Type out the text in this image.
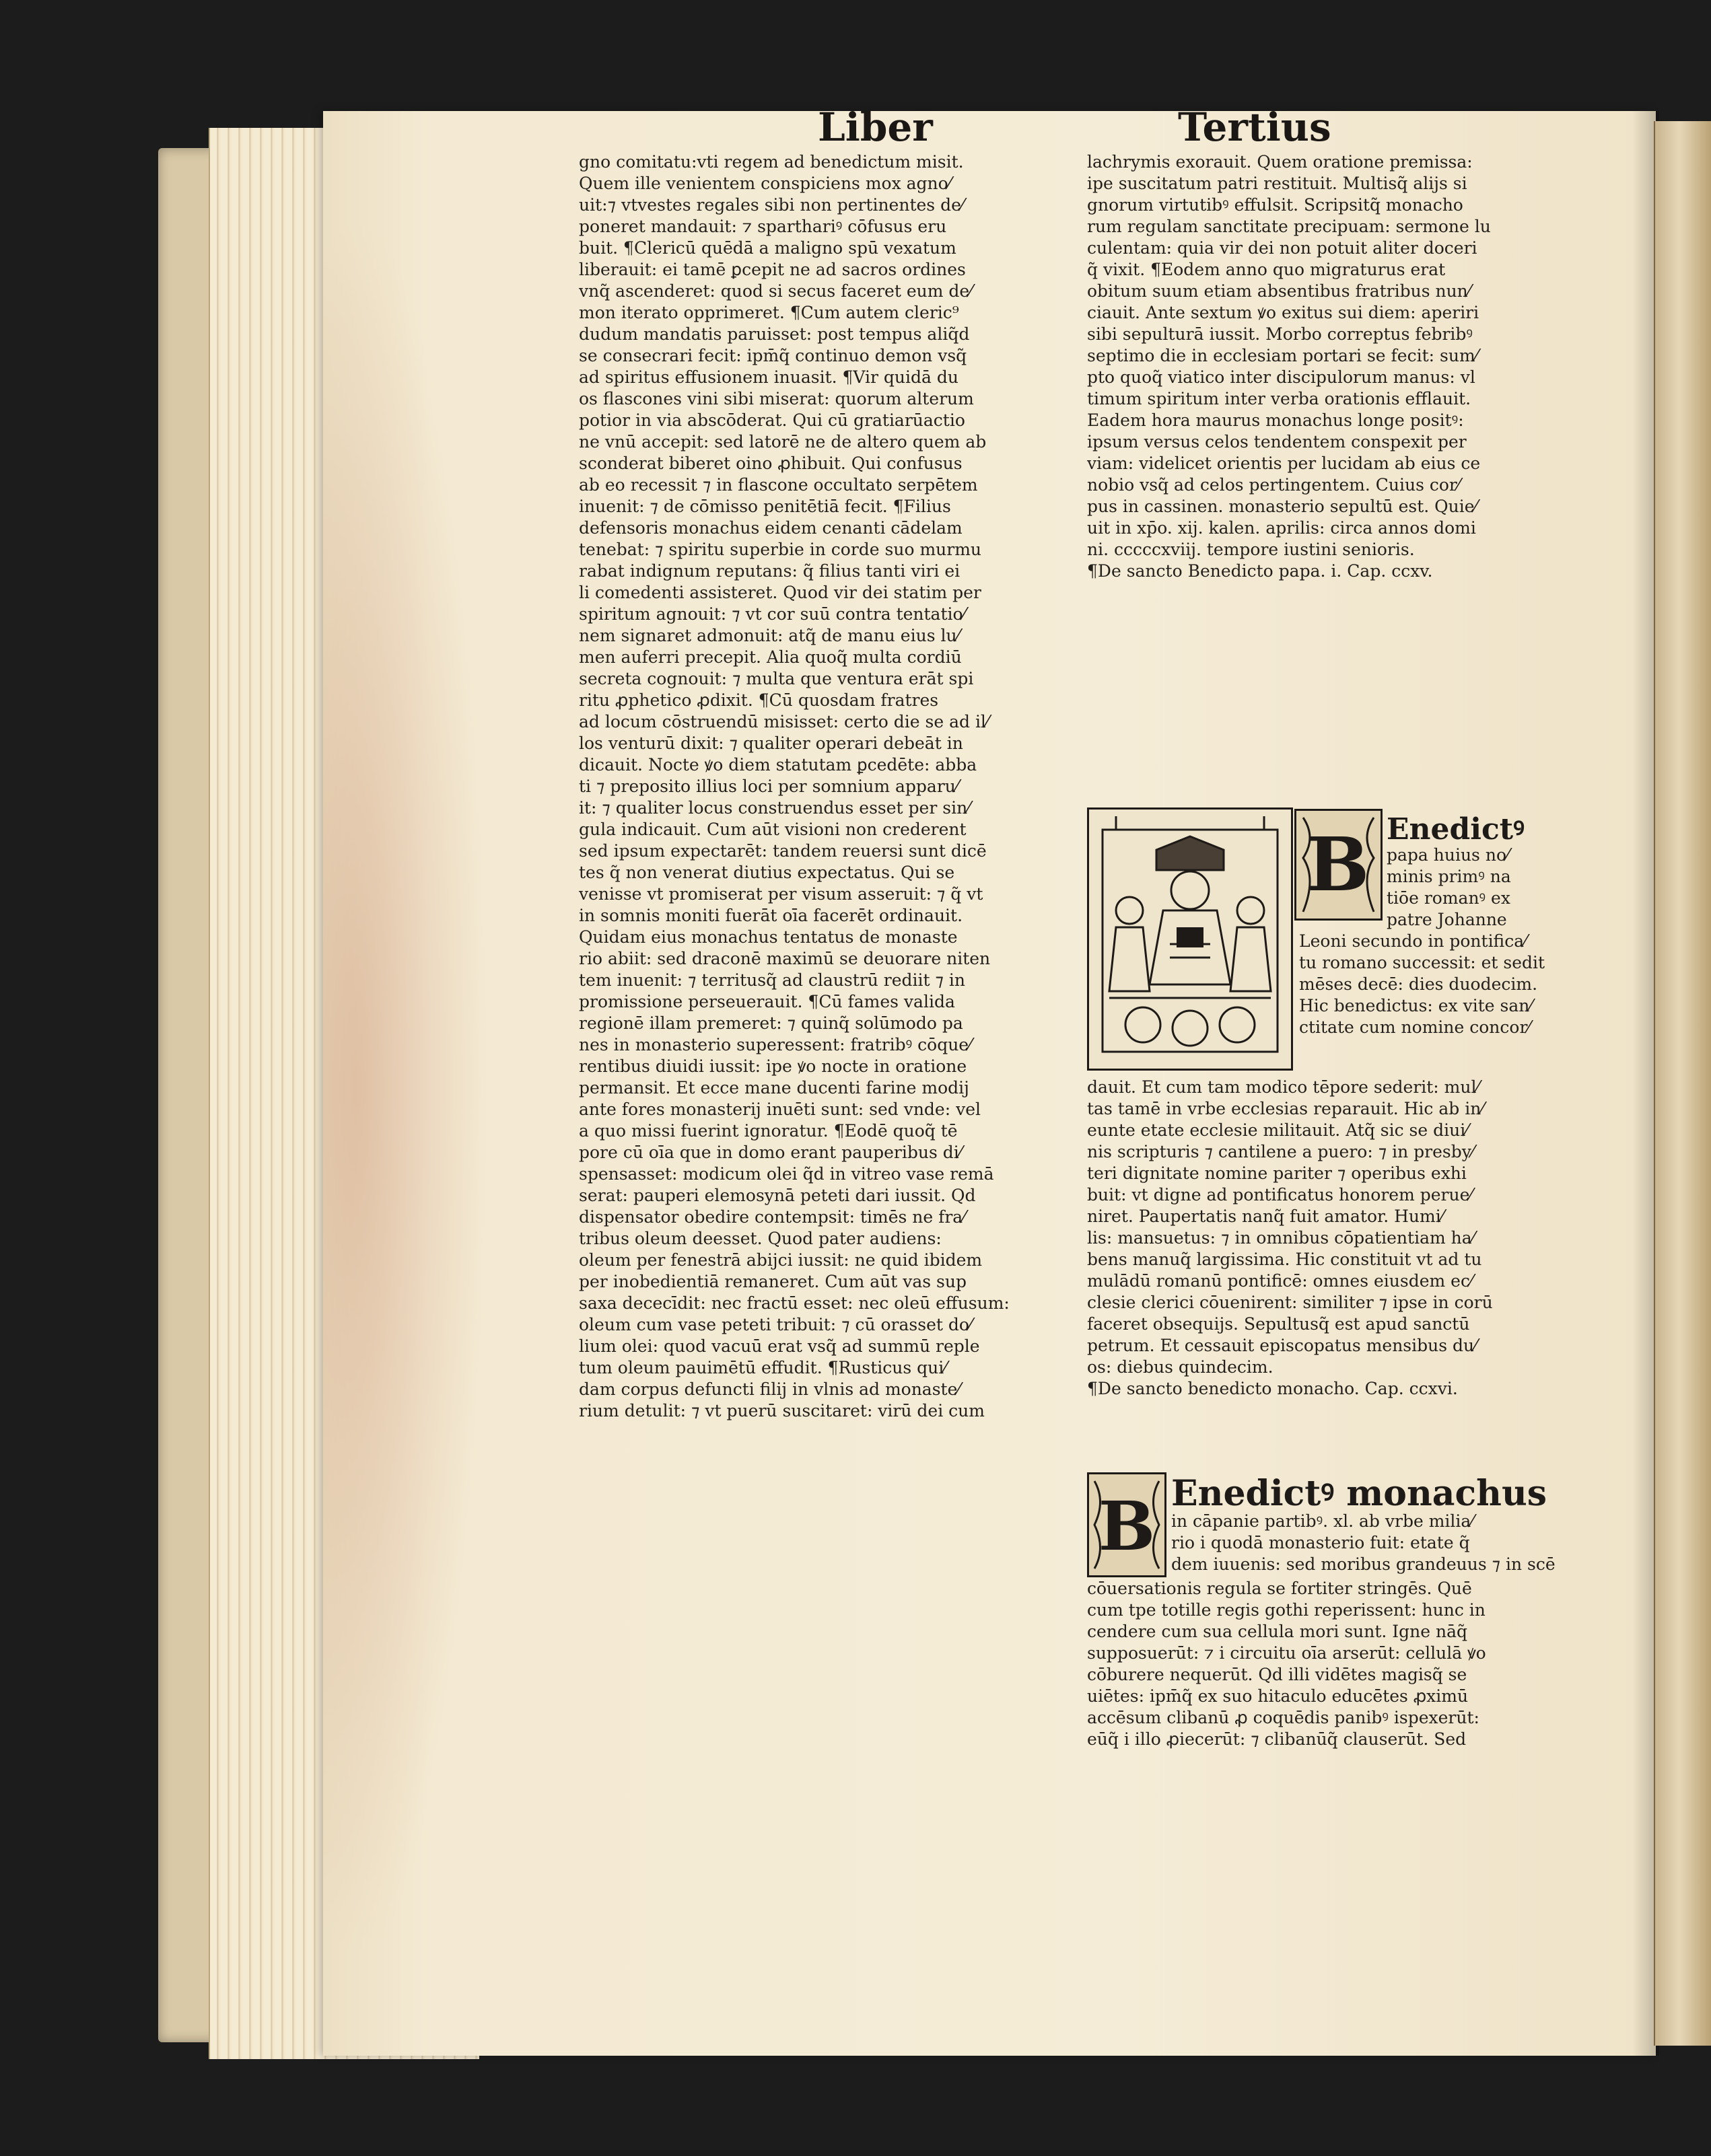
Liber	Tertius
gno comitatu:vti regem ad benedictum misit.
Quem ille venientem conspiciens mox agno⁄
uit:⁊ vtvestes regales sibi non pertinentes de⁄
poneret mandauit: ⁊ sparthariꝰ cōfusus eru
buit. ¶Clericū quēdā a maligno spū vexatum
liberauit: ei tamē ꝑcepit ne ad sacros ordines
vnq̃ ascenderet: quod si secus faceret eum de⁄
mon iterato opprimeret. ¶Cum autem cleric⁹
dudum mandatis paruisset: post tempus aliq̃d
se consecrari fecit: ipm̄q̃ continuo demon vsq̃
ad spiritus effusionem inuasit. ¶Vir quidā du
os flascones vini sibi miserat: quorum alterum
potior in via abscōderat. Qui cū gratiarūactio
ne vnū accepit: sed latorē ne de altero quem ab
sconderat biberet oino ꝓhibuit. Qui confusus
ab eo recessit ⁊ in flascone occultato serpētem
inuenit: ⁊ de cōmisso penitētiā fecit. ¶Filius
defensoris monachus eidem cenanti cādelam
tenebat: ⁊ spiritu superbie in corde suo murmu
rabat indignum reputans: q̃ filius tanti viri ei
li comedenti assisteret. Quod vir dei statim per
spiritum agnouit: ⁊ vt cor suū contra tentatio⁄
nem signaret admonuit: atq̃ de manu eius lu⁄
men auferri precepit. Alia quoq̃ multa cordiū
secreta cognouit: ⁊ multa que ventura erāt spi
ritu ꝓphetico ꝓdixit. ¶Cū quosdam fratres
ad locum cōstruendū misisset: certo die se ad il⁄
los venturū dixit: ⁊ qualiter operari debeāt in
dicauit. Nocte ꝟo diem statutam ꝑcedēte: abba
ti ⁊ preposito illius loci per somnium apparu⁄
it: ⁊ qualiter locus construendus esset per sin⁄
gula indicauit. Cum aūt visioni non crederent
sed ipsum expectarēt: tandem reuersi sunt dicē
tes q̃ non venerat diutius expectatus. Qui se
venisse vt promiserat per visum asseruit: ⁊ q̃ vt
in somnis moniti fuerāt oīa facerēt ordinauit.
Quidam eius monachus tentatus de monaste
rio abiit: sed draconē maximū se deuorare niten
tem inuenit: ⁊ territusq̃ ad claustrū rediit ⁊ in
promissione perseuerauit. ¶Cū fames valida
regionē illam premeret: ⁊ quinq̃ solūmodo pa
nes in monasterio superessent: fratribꝰ cōque⁄
rentibus diuidi iussit: ipe ꝟo nocte in oratione
permansit. Et ecce mane ducenti farine modij
ante fores monasterij inuēti sunt: sed vnde: vel
a quo missi fuerint ignoratur. ¶Eodē quoq̃ tē
pore cū oīa que in domo erant pauperibus di⁄
spensasset: modicum olei q̃d in vitreo vase remā
serat: pauperi elemosynā peteti dari iussit. Qd
dispensator obedire contempsit: timēs ne fra⁄
tribus oleum deesset. Quod pater audiens:
oleum per fenestrā abijci iussit: ne quid ibidem
per inobedientiā remaneret. Cum aūt vas sup
saxa dececīdit: nec fractū esset: nec oleū effusum:
oleum cum vase peteti tribuit: ⁊ cū orasset do⁄
lium olei: quod vacuū erat vsq̃ ad summū reple
tum oleum pauimētū effudit. ¶Rusticus qui⁄
dam corpus defuncti filij in vlnis ad monaste⁄
rium detulit: ⁊ vt puerū suscitaret: virū dei cum
lachrymis exorauit. Quem oratione premissa:
ipe suscitatum patri restituit. Multisq̃ alijs si
gnorum virtutibꝰ effulsit. Scripsitq̃ monacho
rum regulam sanctitate precipuam: sermone lu
culentam: quia vir dei non potuit aliter doceri
q̃ vixit. ¶Eodem anno quo migraturus erat
obitum suum etiam absentibus fratribus nun⁄
ciauit. Ante sextum ꝟo exitus sui diem: aperiri
sibi sepulturā iussit. Morbo correptus febribꝰ
septimo die in ecclesiam portari se fecit: sum⁄
pto quoq̃ viatico inter discipulorum manus: vl
timum spiritum inter verba orationis efflauit.
Eadem hora maurus monachus longe positꝰ:
ipsum versus celos tendentem conspexit per
viam: videlicet orientis per lucidam ab eius ce
nobio vsq̃ ad celos pertingentem. Cuius cor⁄
pus in cassinen. monasterio sepultū est. Quie⁄
uit in xp̄o. xij. kalen. aprilis: circa annos domi
ni. cccccxviij. tempore iustini senioris.
¶De sancto Benedicto papa. i. Cap. ccxv.
B Enedictꝰ
B Enedictꝰ monachus
papa huius no⁄
minis primꝰ na
tiōe romanꝰ ex
patre Johanne
Leoni secundo in pontifica⁄
tu romano successit: et sedit
mēses decē: dies duodecim.
Hic benedictus: ex vite san⁄
ctitate cum nomine concor⁄
dauit. Et cum tam modico tēpore sederit: mul⁄
tas tamē in vrbe ecclesias reparauit. Hic ab in⁄
eunte etate ecclesie militauit. Atq̃ sic se diui⁄
nis scripturis ⁊ cantilene a puero: ⁊ in presby⁄
teri dignitate nomine pariter ⁊ operibus exhi
buit: vt digne ad pontificatus honorem perue⁄
niret. Paupertatis nanq̃ fuit amator. Humi⁄
lis: mansuetus: ⁊ in omnibus cōpatientiam ha⁄
bens manuq̃ largissima. Hic constituit vt ad tu
mulādū romanū pontificē: omnes eiusdem ec⁄
clesie clerici cōuenirent: similiter ⁊ ipse in corū
faceret obsequijs. Sepultusq̃ est apud sanctū
petrum. Et cessauit episcopatus mensibus du⁄
os: diebus quindecim.
¶De sancto benedicto monacho. Cap. ccxvi.
in cāpanie partibꝰ. xl. ab vrbe milia⁄
rio i quodā monasterio fuit: etate q̃
dem iuuenis: sed moribus grandeuus ⁊ in scē
cōuersationis regula se fortiter stringēs. Quē
cum tpe totille regis gothi reperissent: hunc in
cendere cum sua cellula mori sunt. Igne nāq̃
supposuerūt: ⁊ i circuitu oīa arserūt: cellulā ꝟo
cōburere nequerūt. Qd illi vidētes magisq̃ se
uiētes: ipm̄q̃ ex suo hitaculo educētes ꝓximū
accēsum clibanū ꝓ coquēdis panibꝰ ispexerūt:
eūq̃ i illo ꝓiecerūt: ⁊ clibanūq̃ clauserūt. Sed
